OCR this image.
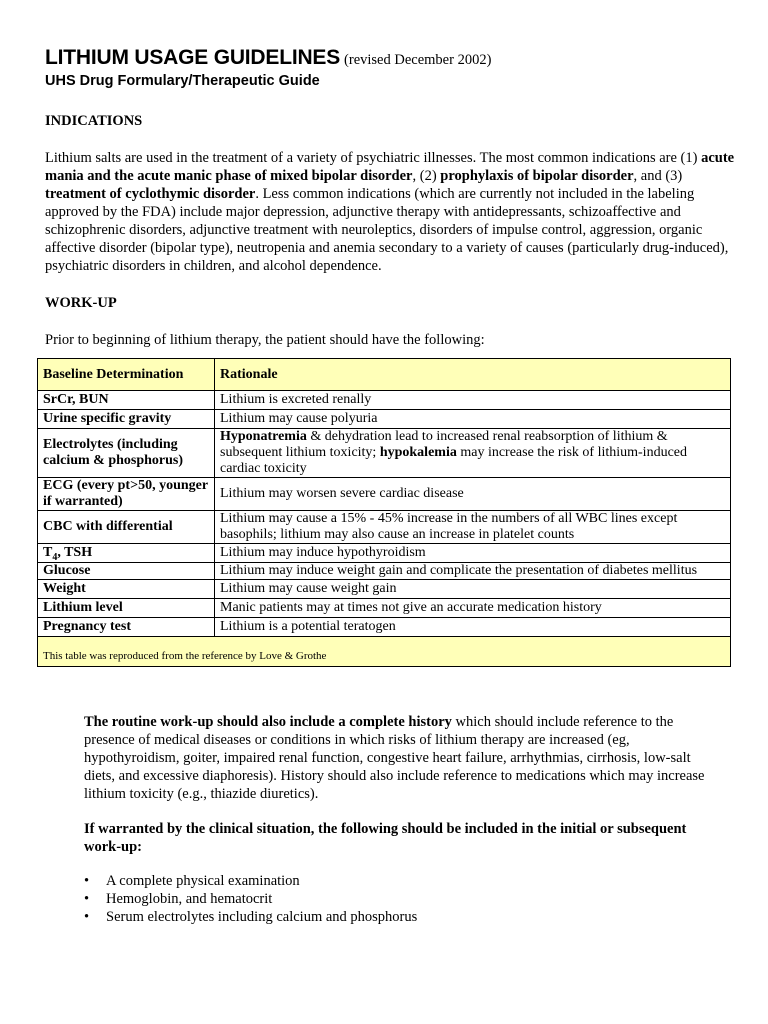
LITHIUM USAGE GUIDELINES (revised December 2002)
UHS Drug Formulary/Therapeutic Guide
INDICATIONS

Lithium salts are used in the treatment of a variety of psychiatric illnesses. The most common indications are (1) acute mania and the acute manic phase of mixed bipolar disorder, (2) prophylaxis of bipolar disorder, and (3) treatment of cyclothymic disorder. Less common indications (which are currently not included in the labeling approved by the FDA) include major depression, adjunctive therapy with antidepressants, schizoaffective and schizophrenic disorders, adjunctive treatment with neuroleptics, disorders of impulse control, aggression, organic affective disorder (bipolar type), neutropenia and anemia secondary to a variety of causes (particularly drug-induced), psychiatric disorders in children, and alcohol dependence.

WORK-UP

Prior to beginning of lithium therapy, the patient should have the following:

Baseline Determination	Rationale
SrCr, BUN	Lithium is excreted renally
Urine specific gravity	Lithium may cause polyuria
Electrolytes (including calcium & phosphorus)	Hyponatremia & dehydration lead to increased renal reabsorption of lithium & subsequent lithium toxicity; hypokalemia may increase the risk of lithium-induced cardiac toxicity
ECG (every pt>50, younger if warranted)	Lithium may worsen severe cardiac disease
CBC with differential	Lithium may cause a 15% - 45% increase in the numbers of all WBC lines except basophils; lithium may also cause an increase in platelet counts
$T_4$, TSH	Lithium may induce hypothyroidism
Glucose	Lithium may induce weight gain and complicate the presentation of diabetes mellitus
Weight	Lithium may cause weight gain
Lithium level	Manic patients may at times not give an accurate medication history
Pregnancy test	Lithium is a potential teratogen
This table was reproduced from the reference by Love & Grothe	

The routine work-up should also include a complete history which should include reference to the presence of medical diseases or conditions in which risks of lithium therapy are increased (eg, hypothyroidism, goiter, impaired renal function, congestive heart failure, arrhythmias, cirrhosis, low-salt diets, and excessive diaphoresis). History should also include reference to medications which may increase lithium toxicity (e.g., thiazide diuretics).

If warranted by the clinical situation, the following should be included in the initial or subsequent work-up:

• A complete physical examination
• Hemoglobin, and hematocrit
• Serum electrolytes including calcium and phosphorus
